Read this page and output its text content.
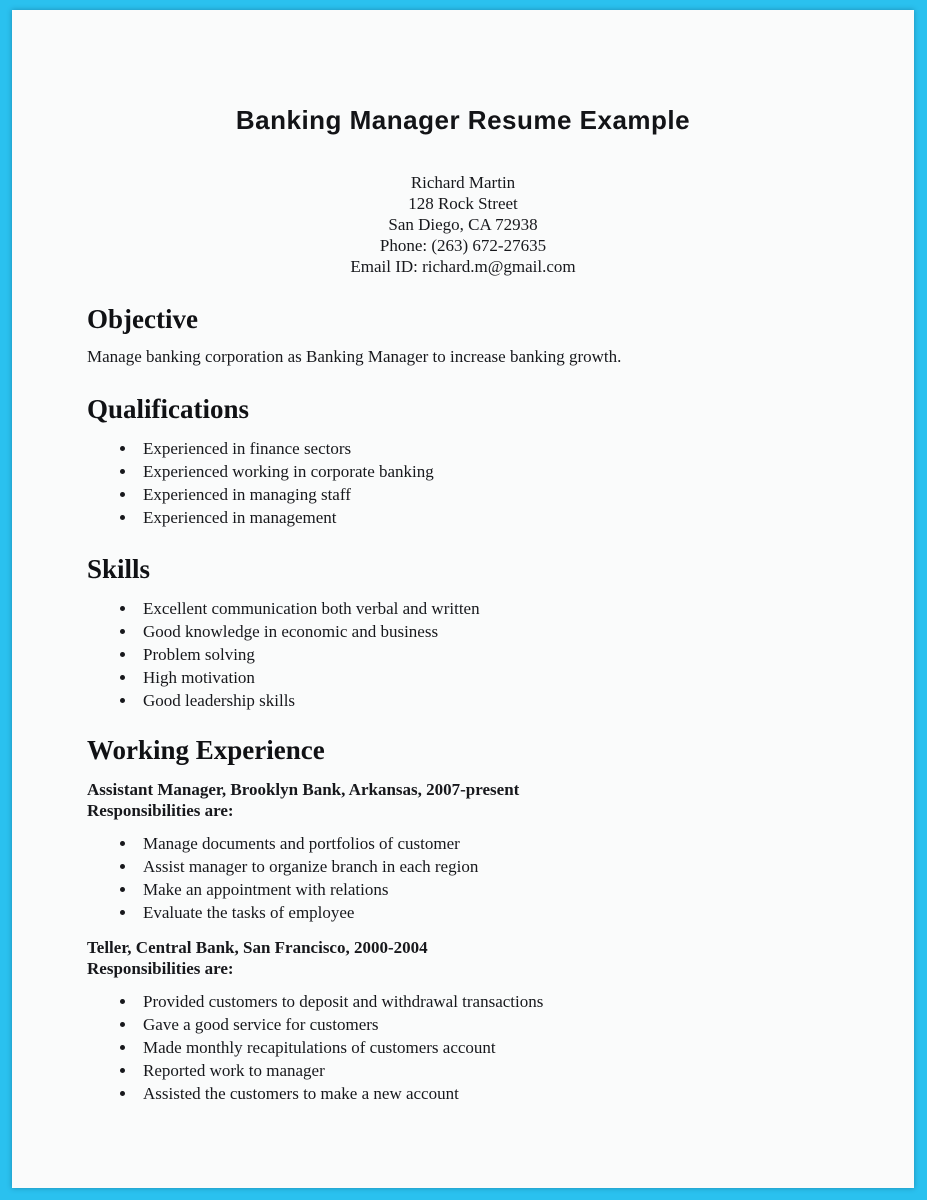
Banking Manager Resume Example
Richard Martin
128 Rock Street
San Diego, CA 72938
Phone: (263) 672-27635
Email ID: richard.m@gmail.com
Objective

Manage banking corporation as Banking Manager to increase banking growth.

Qualifications
• Experienced in finance sectors
• Experienced working in corporate banking
• Experienced in managing staff
• Experienced in management
Skills
• Excellent communication both verbal and written
• Good knowledge in economic and business
• Problem solving
• High motivation
• Good leadership skills
Working Experience

Assistant Manager, Brooklyn Bank, Arkansas, 2007-present

Responsibilities are:

• Manage documents and portfolios of customer
• Assist manager to organize branch in each region
• Make an appointment with relations
• Evaluate the tasks of employee

Teller, Central Bank, San Francisco, 2000-2004

Responsibilities are:

• Provided customers to deposit and withdrawal transactions
• Gave a good service for customers
• Made monthly recapitulations of customers account
• Reported work to manager
• Assisted the customers to make a new account
